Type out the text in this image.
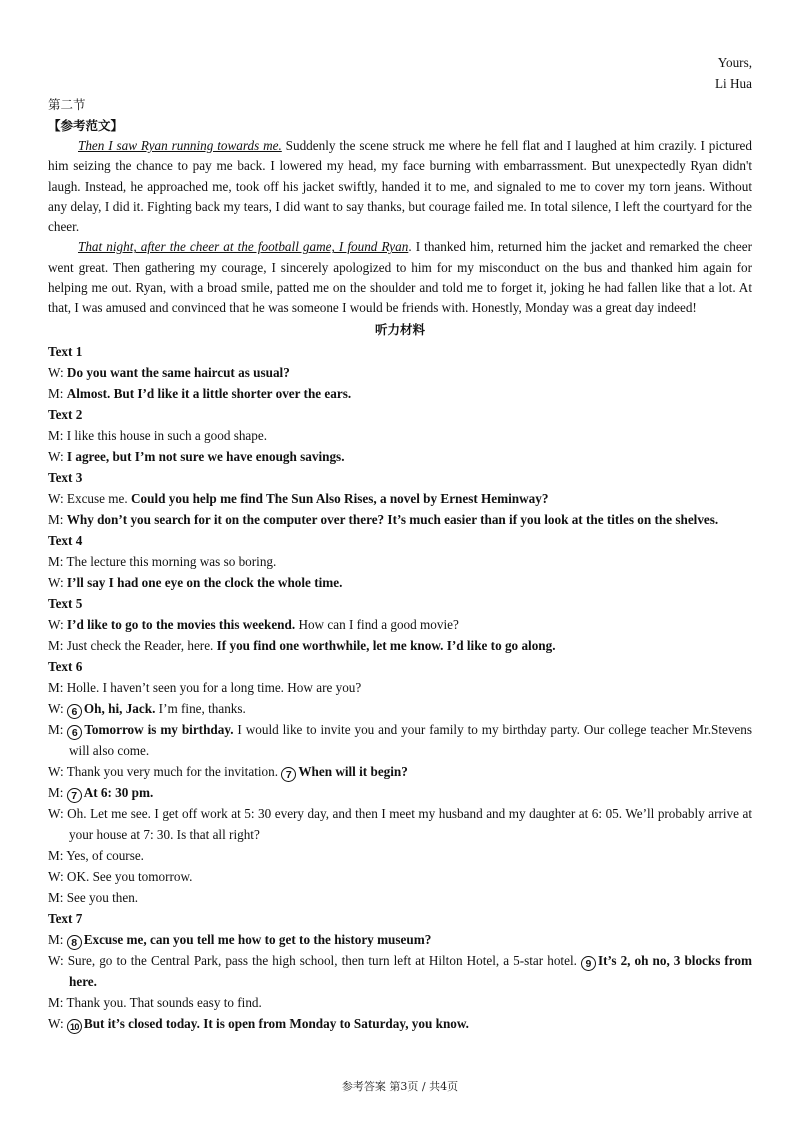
Yours,
Li Hua
第二节
【参考范文】

Then I saw Ryan running towards me. Suddenly the scene struck me where he fell flat and I laughed at him crazily. I pictured him seizing the chance to pay me back. I lowered my head, my face burning with embarrassment. But unexpectedly Ryan didn't laugh. Instead, he approached me, took off his jacket swiftly, handed it to me, and signaled to me to cover my torn jeans. Without any delay, I did it. Fighting back my tears, I did want to say thanks, but courage failed me. In total silence, I left the courtyard for the cheer.

That night, after the cheer at the football game, I found Ryan. I thanked him, returned him the jacket and remarked the cheer went great. Then gathering my courage, I sincerely apologized to him for my misconduct on the bus and thanked him again for helping me out. Ryan, with a broad smile, patted me on the shoulder and told me to forget it, joking he had fallen like that a lot. At that, I was amused and convinced that he was someone I would be friends with. Honestly, Monday was a great day indeed!

听力材料
Text 1
W: Do you want the same haircut as usual?
M: Almost. But I’d like it a little shorter over the ears.
Text 2
M: I like this house in such a good shape.
W: I agree, but I’m not sure we have enough savings.
Text 3
W: Excuse me. Could you help me find The Sun Also Rises, a novel by Ernest Heminway?
M: Why don’t you search for it on the computer over there? It’s much easier than if you look at the titles on the shelves.
Text 4
M: The lecture this morning was so boring.
W: I’ll say I had one eye on the clock the whole time.
Text 5
W: I’d like to go to the movies this weekend. How can I find a good movie?
M: Just check the Reader, here. If you find one worthwhile, let me know. I’d like to go along.
Text 6
M: Holle. I haven’t seen you for a long time. How are you?
W: 6 Oh, hi, Jack. I’m fine, thanks.
M: 6 Tomorrow is my birthday. I would like to invite you and your family to my birthday party. Our college teacher Mr.Stevens will also come.
W: Thank you very much for the invitation. 7 When will it begin?
M: 7 At 6: 30 pm.
W: Oh. Let me see. I get off work at 5: 30 every day, and then I meet my husband and my daughter at 6: 05. We’ll probably arrive at your house at 7: 30. Is that all right?
M: Yes, of course.
W: OK. See you tomorrow.
M: See you then.
Text 7
M: 8 Excuse me, can you tell me how to get to the history museum?
W: Sure, go to the Central Park, pass the high school, then turn left at Hilton Hotel, a 5-star hotel. 9 It’s 2, oh no, 3 blocks from here.
M: Thank you. That sounds easy to find.
W: 10 But it’s closed today. It is open from Monday to Saturday, you know.
参考答案 第3页 / 共4页
